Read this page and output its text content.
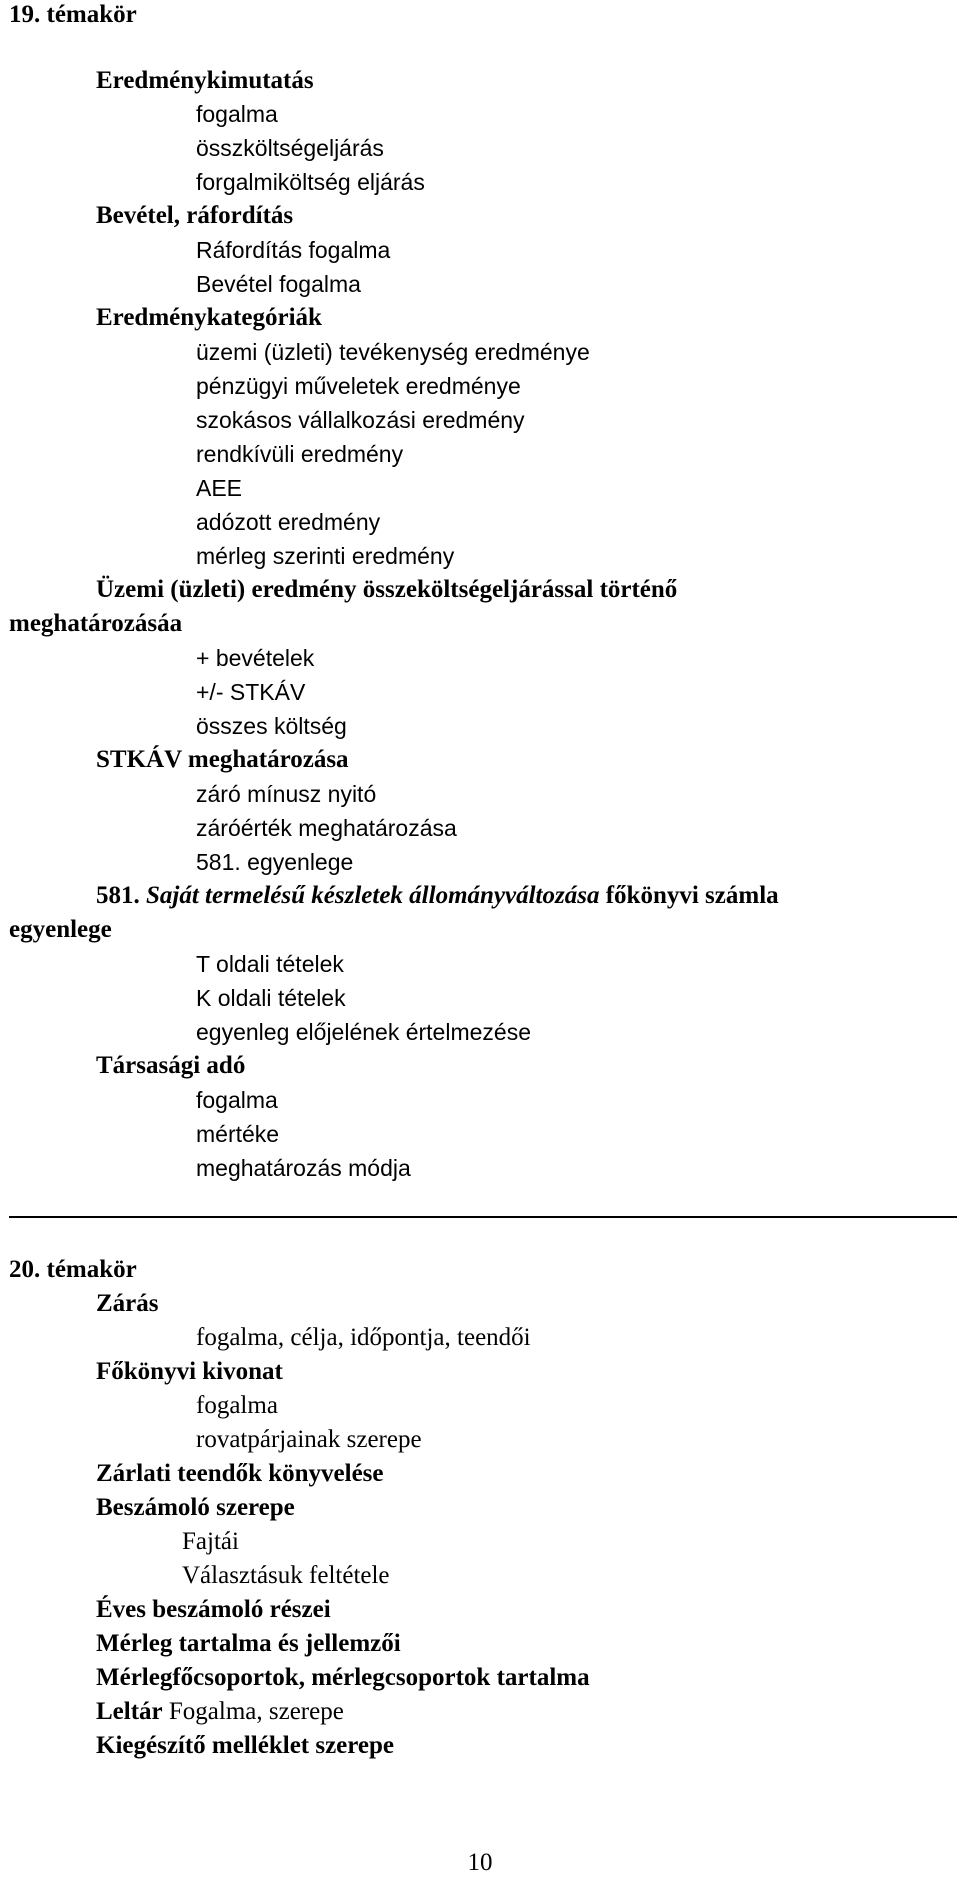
19. témakör
Eredménykimutatás
fogalma
összköltségeljárás
forgalmiköltség eljárás
Bevétel, ráfordítás
Ráfordítás fogalma
Bevétel fogalma
Eredménykategóriák
üzemi (üzleti) tevékenység eredménye
pénzügyi műveletek eredménye
szokásos vállalkozási eredmény
rendkívüli eredmény
AEE
adózott eredmény
mérleg szerinti eredmény
Üzemi (üzleti) eredmény összeköltségeljárással történő
meghatározásáa
+ bevételek
+/- STKÁV
összes költség
STKÁV meghatározása
záró mínusz nyitó
záróérték meghatározása
581. egyenlege
581. Saját termelésű készletek állományváltozása főkönyvi számla
egyenlege
T oldali tételek
K oldali tételek
egyenleg előjelének értelmezése
Társasági adó
fogalma
mértéke
meghatározás módja
20. témakör
Zárás
fogalma, célja, időpontja, teendői
Főkönyvi kivonat
fogalma
rovatpárjainak szerepe
Zárlati teendők könyvelése
Beszámoló szerepe
Fajtái
Választásuk feltétele
Éves beszámoló részei
Mérleg tartalma és jellemzői
Mérlegfőcsoportok, mérlegcsoportok tartalma
Leltár Fogalma, szerepe
Kiegészítő melléklet szerepe
10
